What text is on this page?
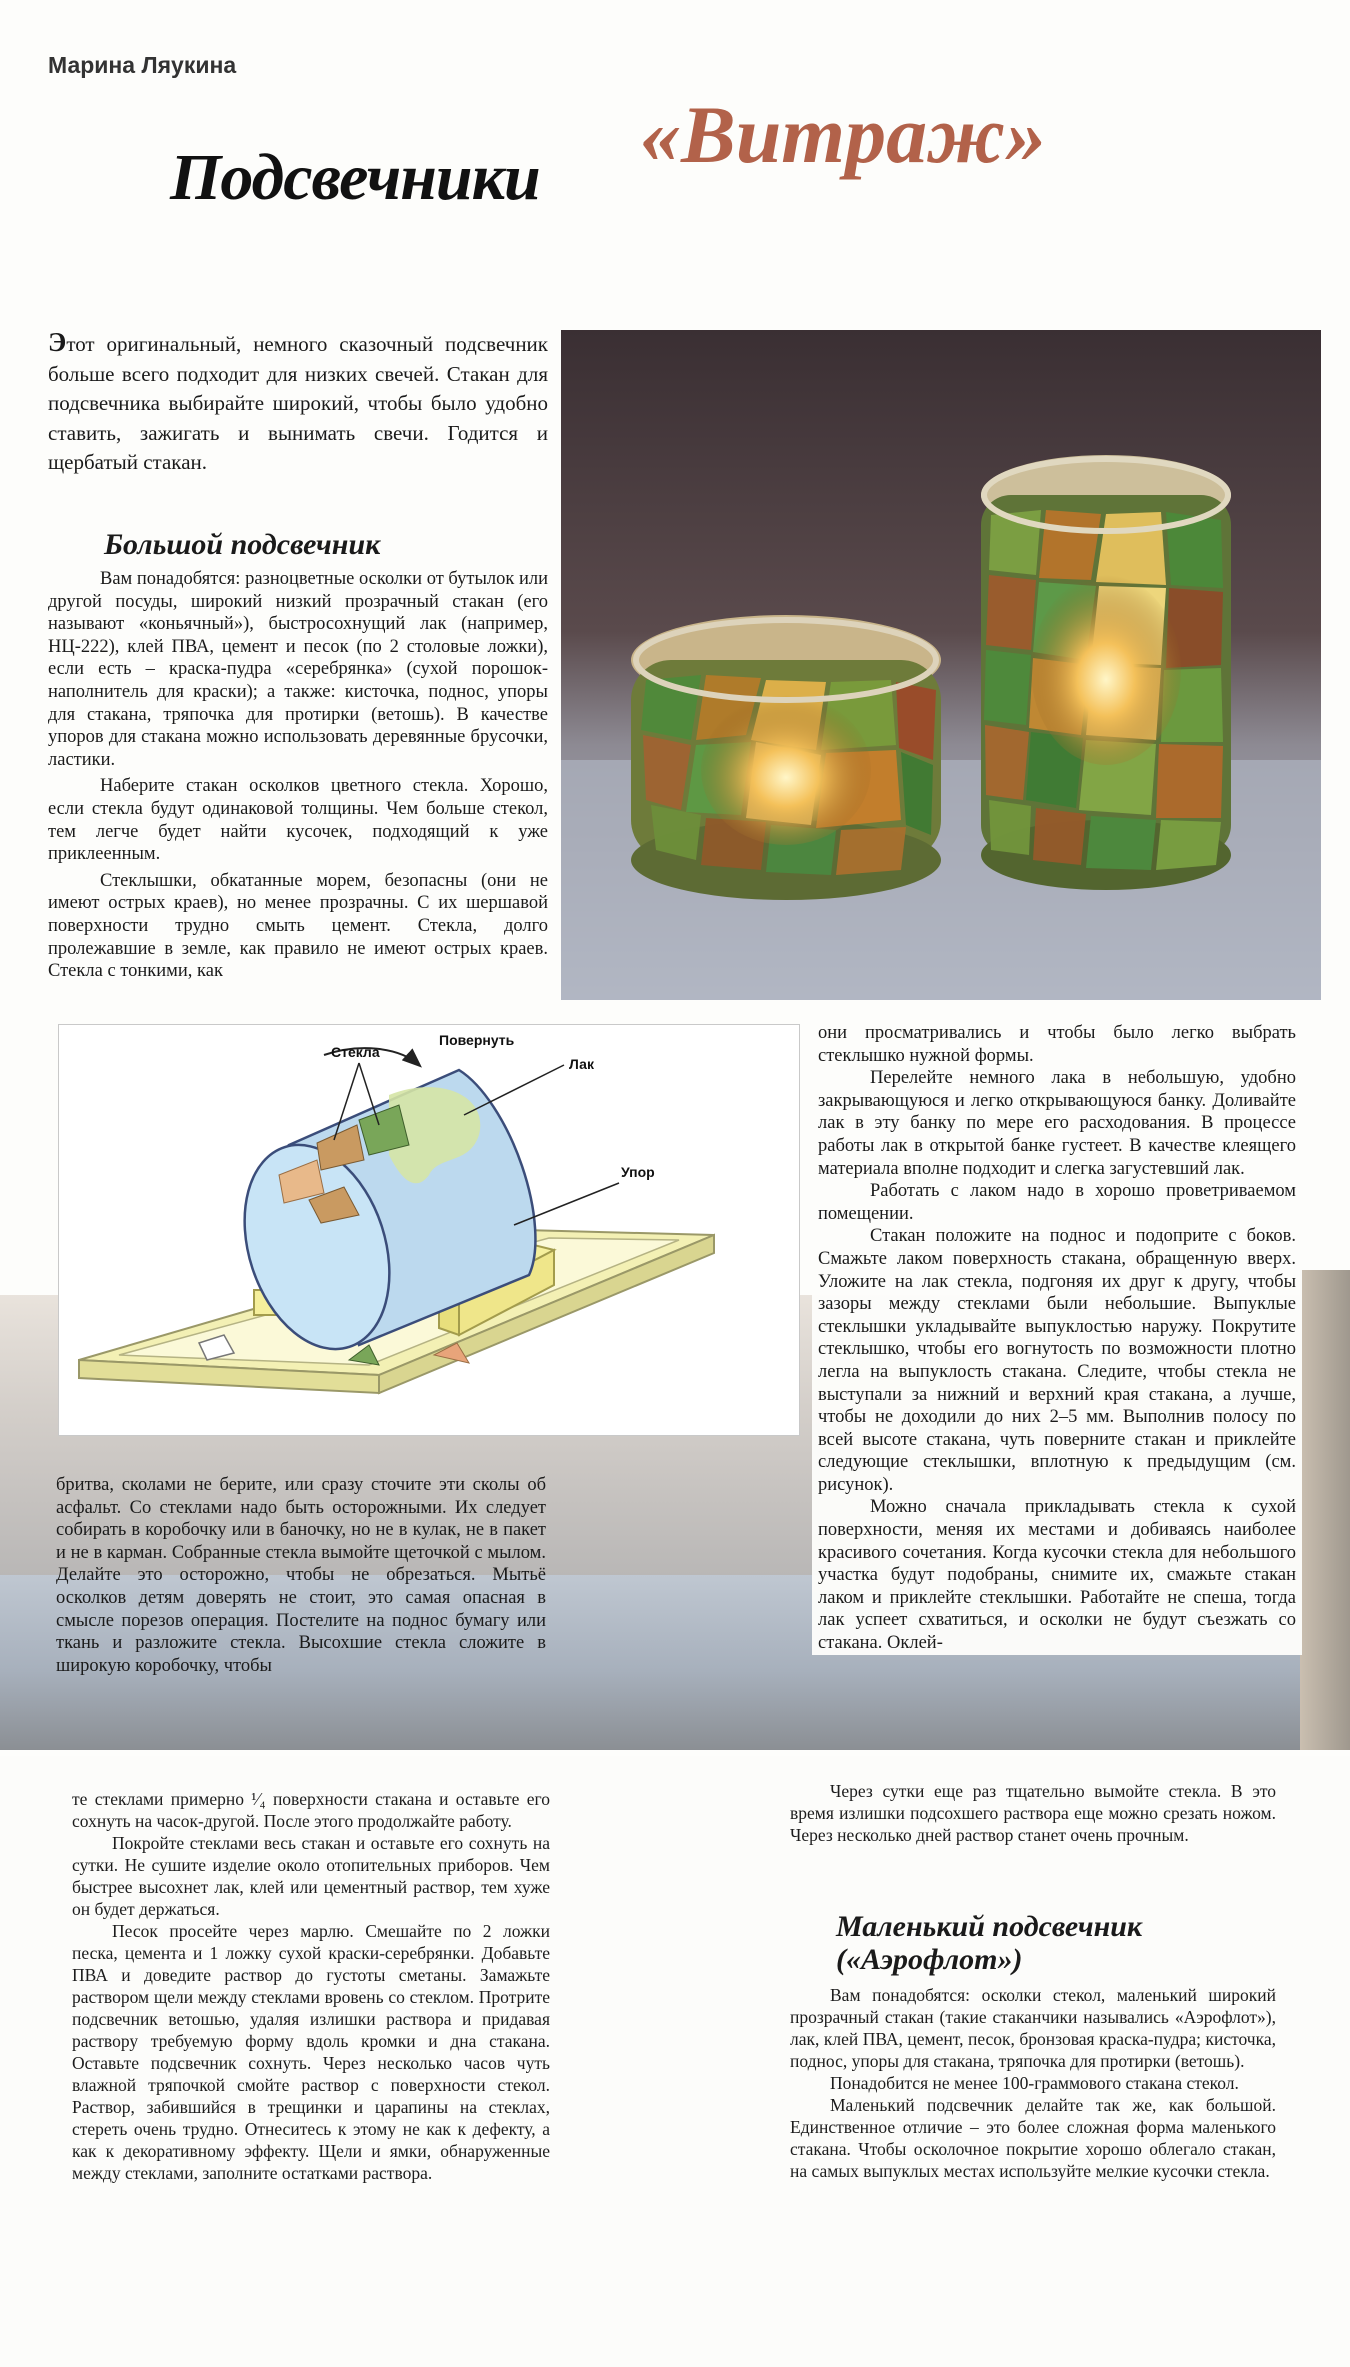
Марина Ляукина
Подсвечники «Витраж»
Этот оригинальный, немного сказочный подсвечник больше всего подходит для низких свечей. Стакан для подсвечника выбирайте широкий, чтобы было удобно ставить, зажигать и вынимать свечи. Годится и щербатый стакан.
Большой подсвечник

Вам понадобятся: разноцветные осколки от бутылок или другой посуды, широкий низкий прозрачный стакан (его называют «коньячный»), быстросохнущий лак (например, НЦ-222), клей ПВА, цемент и песок (по 2 столовые ложки), если есть – краска-пудра «серебрянка» (сухой порошок-наполнитель для краски); а также: кисточка, поднос, упоры для стакана, тряпочка для протирки (ветошь). В качестве упоров для стакана можно использовать деревянные брусочки, ластики.

Наберите стакан осколков цветного стекла. Хорошо, если стекла будут одинаковой толщины. Чем больше стекол, тем легче будет найти кусочек, подходящий к уже приклеенным.

Стеклышки, обкатанные морем, безопасны (они не имеют острых краев), но менее прозрачны. С их шершавой поверхности трудно смыть цемент. Стекла, долго пролежавшие в земле, как правило не имеют острых краев. Стекла с тонкими, как

Стекла
Повернуть
Лак
Упор

бритва, сколами не берите, или сразу сточите эти сколы об асфальт. Со стеклами надо быть осторожными. Их следует собирать в коробочку или в баночку, но не в кулак, не в пакет и не в карман. Собранные стекла вымойте щеточкой с мылом. Делайте это осторожно, чтобы не обрезаться. Мытьё осколков детям доверять не стоит, это самая опасная в смысле порезов операция. Постелите на поднос бумагу или ткань и разложите стекла. Высохшие стекла сложите в широкую коробочку, чтобы

они просматривались и чтобы было легко выбрать стеклышко нужной формы.

Перелейте немного лака в небольшую, удобно закрывающуюся и легко открывающуюся банку. Доливайте лак в эту банку по мере его расходования. В процессе работы лак в открытой банке густеет. В качестве клеящего материала вполне подходит и слегка загустевший лак.

Работать с лаком надо в хорошо проветриваемом помещении.

Стакан положите на поднос и подоприте с боков. Смажьте лаком поверхность стакана, обращенную вверх. Уложите на лак стекла, подгоняя их друг к другу, чтобы зазоры между стеклами были небольшие. Выпуклые стеклышки укладывайте выпуклостью наружу. Покрутите стеклышко, чтобы его вогнутость по возможности плотно легла на выпуклость стакана. Следите, чтобы стекла не выступали за нижний и верхний края стакана, а лучше, чтобы не доходили до них 2–5 мм. Выполнив полосу по всей высоте стакана, чуть поверните стакан и приклейте следующие стеклышки, вплотную к предыдущим (см. рисунок).

Можно сначала прикладывать стекла к сухой поверхности, меняя их местами и добиваясь наиболее красивого сочетания. Когда кусочки стекла для небольшого участка будут подобраны, снимите их, смажьте стакан лаком и приклейте стеклышки. Работайте не спеша, тогда лак успеет схватиться, и осколки не будут съезжать со стакана. Оклей-

те стеклами примерно ¹⁄₄ поверхности стакана и оставьте его сохнуть на часок-другой. После этого продолжайте работу.

Покройте стеклами весь стакан и оставьте его сохнуть на сутки. Не сушите изделие около отопительных приборов. Чем быстрее высохнет лак, клей или цементный раствор, тем хуже он будет держаться.

Песок просейте через марлю. Смешайте по 2 ложки песка, цемента и 1 ложку сухой краски-серебрянки. Добавьте ПВА и доведите раствор до густоты сметаны. Замажьте раствором щели между стеклами вровень со стеклом. Протрите подсвечник ветошью, удаляя излишки раствора и придавая раствору требуемую форму вдоль кромки и дна стакана. Оставьте подсвечник сохнуть. Через несколько часов чуть влажной тряпочкой смойте раствор с поверхности стекол. Раствор, забившийся в трещинки и царапины на стеклах, стереть очень трудно. Отнеситесь к этому не как к дефекту, а как к декоративному эффекту. Щели и ямки, обнаруженные между стеклами, заполните остатками раствора.

Через сутки еще раз тщательно вымойте стекла. В это время излишки подсохшего раствора еще можно срезать ножом. Через несколько дней раствор станет очень прочным.

Маленький подсвечник («Аэрофлот»)

Вам понадобятся: осколки стекол, маленький широкий прозрачный стакан (такие стаканчики назывались «Аэрофлот»), лак, клей ПВА, цемент, песок, бронзовая краска-пудра; кисточка, поднос, упоры для стакана, тряпочка для протирки (ветошь).

Понадобится не менее 100-граммового стакана стекол.

Маленький подсвечник делайте так же, как большой. Единственное отличие – это более сложная форма маленького стакана. Чтобы осколочное покрытие хорошо облегало стакан, на самых выпуклых местах используйте мелкие кусочки стекла.
